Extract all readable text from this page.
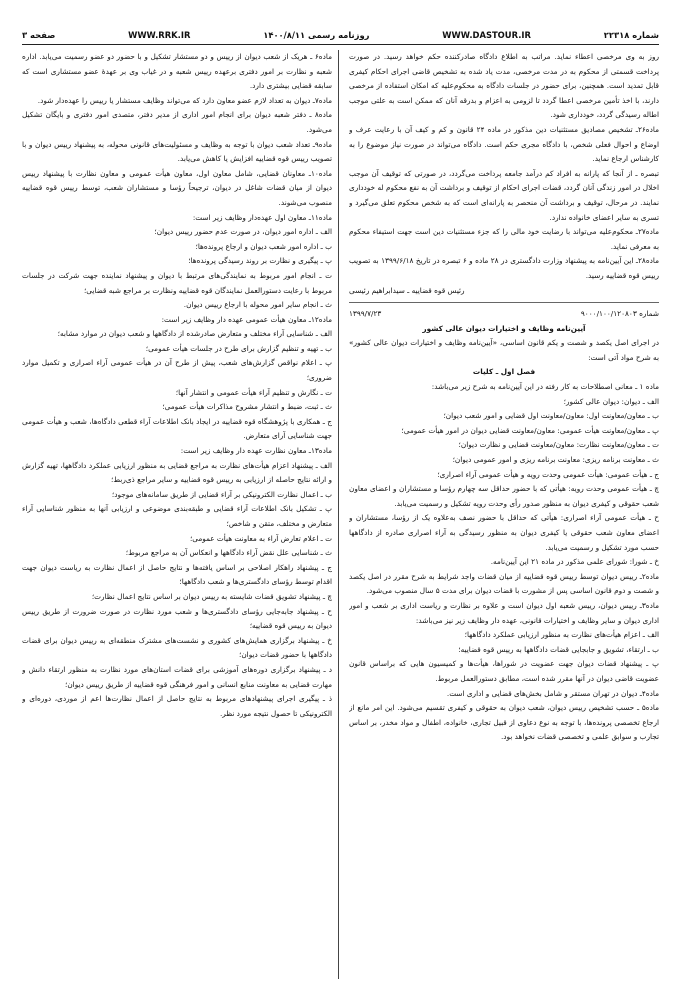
شماره ۲۲۳۱۸
WWW.DASTOUR.IR
روزنامه رسمی ۱۴۰۰/۸/۱۱
WWW.RRK.IR
صفحه ۳

روز به وی مرخصی اعطاء نماید. مراتب به اطلاع دادگاه صادرکننده حکم خواهد رسید. در صورت پرداخت قسمتی از محکوم به در مدت مرخصی، مدت یاد شده به تشخیص قاضی اجرای احکام کیفری قابل تمدید است. همچنین، برای حضور در جلسات دادگاه به محکوم‌علیه که امکان استفاده از مرخصی دارند، با اخذ تأمین مرخصی اعطا گردد تا لزومی به اعزام و بدرقه آنان که ممکن است به علتی موجب اطاله رسیدگی گردد، خودداری شود.

ماده۲۶ـ تشخیص مصادیق مستثنیات دین مذکور در ماده ۲۴ قانون و کم و کیف آن با رعایت عرف و اوضاع و احوال فعلی شخص، با دادگاه مجری حکم است. دادگاه می‌تواند در صورت نیاز موضوع را به کارشناس ارجاع نماید.

تبصره ـ از آنجا که پارانه به افراد کم درآمد جامعه پرداخت می‌گردد، در صورتی که توقیف آن موجب اخلال در امور زندگی آنان گردد، قضات اجرای احکام از توقیف و برداشت آن به نفع محکوم له خودداری نمایند. در مرحال، توقیف و برداشت آن منحصر به پارانه‌ای است که به شخص محکوم تعلق می‌گیرد و تسری به سایر اعضای خانواده ندارد.

ماده۲۷ـ محکوم‌علیه می‌تواند با رضایت خود مالی را که جزء مستثنیات دین است جهت استیفاء محکوم به معرفی نماید.

ماده۲۸ـ این آیین‌نامه به پیشنهاد وزارت دادگستری در ۲۸ ماده و ۶ تبصره در تاریخ ۱۳۹۹/۶/۱۸ به تصویب رییس قوه قضاییه رسید.

رئیس قوه قضاییه ـ سیدابراهیم رئیسی

شماره ۹۰۰۰/۱۰۰/۱۲۰۸۰۳
۱۳۹۹/۷/۲۳

آیین‌نامه وظایف و اختیارات دیوان عالی کشور

در اجرای اصل یکصد و شصت و یکم قانون اساسی، «آیین‌نامه وظایف و اختیارات دیوان عالی کشور» به شرح مواد آتی است:

فصل اول ـ کلیات

ماده ۱ ـ معانی اصطلاحات به کار رفته در این آیین‌نامه به شرح زیر می‌باشد:

الف ـ دیوان: دیوان عالی کشور؛

ب ـ معاون/معاونت اول: معاون/معاونت اول قضایی و امور شعب دیوان؛

پ ـ معاون/معاونت هیأت عمومی: معاون/معاونت قضایی دیوان در امور هیأت عمومی؛

ت ـ معاون/معاونت نظارت: معاون/معاونت قضایی و نظارت دیوان؛

ث ـ معاونت برنامه ریزی: معاونت برنامه ریزی و امور عمومی دیوان؛

ج ـ هیأت عمومی: هیأت عمومی وحدت رویه و هیأت عمومی آراء اصراری؛

چ ـ هیأت عمومی وحدت رویه: هیأتی که با حضور حداقل سه چهارم رؤسا و مستشاران و اعضای معاون شعب حقوقی و کیفری دیوان به منظور صدور رأی وحدت رویه تشکیل و رسمیت می‌یابد.

ح ـ هیأت عمومی آراء اصراری: هیأتی که حداقل با حضور نصف به‌علاوه یک از رؤسا، مستشاران و اعضای معاون شعب حقوقی یا کیفری دیوان به منظور رسیدگی به آراء اصراری صادره از دادگاهها حسب مورد تشکیل و رسمیت می‌یابد.

خ ـ شورا: شورای علمی مذکور در ماده ۲۱ این آیین‌نامه.

ماده۲ـ رییس دیوان توسط رییس قوه قضاییه از میان قضات واجد شرایط به شرح مقرر در اصل یکصد و شصت و دوم قانون اساسی پس از مشورت با قضات دیوان برای مدت ۵ سال منصوب می‌شود.

ماده۳ـ رییس دیوان، رییس شعبه اول دیوان است و علاوه بر نظارت و ریاست اداری بر شعب و امور اداری دیوان و سایر وظایف و اختیارات قانونی، عهده دار وظایف زیر نیز می‌باشد:

الف ـ اعزام هیأت‌های نظارت به منظور ارزیابی عملکرد دادگاهها؛

ب ـ ارتقاء، تشویق و جابجایی قضات دادگاهها به رییس قوه قضاییه؛

پ ـ پیشنهاد قضات دیوان جهت عضویت در شوراها، هیأت‌ها و کمیسیون هایی که براساس قانون عضویت قاضی دیوان در آنها مقرر شده است، مطابق دستورالعمل مربوط.

ماده۴ـ دیوان در تهران مستقر و شامل بخش‌های قضایی و اداری است.

ماده۵ ـ حسب تشخیص رییس دیوان، شعب دیوان به حقوقی و کیفری تقسیم می‌شود. این امر مانع از ارجاع تخصصی پرونده‌ها، با توجه به نوع دعاوی از قبیل تجاری، خانواده، اطفال و مواد مخدر، بر اساس تجارب و سوابق علمی و تخصصی قضات نخواهد بود.

ماده۶ ـ هریک از شعب دیوان از رییس و دو مستشار تشکیل و با حضور دو عضو رسمیت می‌یابد. اداره شعبه و نظارت بر امور دفتری برعهده رییس شعبه و در غیاب وی بر عهدهٔ عضو مستشاری است که سابقه قضایی بیشتری دارد.

ماده۷ـ دیوان به تعداد لازم عضو معاون دارد که می‌تواند وظایف مستشار یا رییس را عهده‌دار شود.

ماده۸ ـ دفتر شعبه دیوان برای انجام امور اداری از مدیر دفتر، متصدی امور دفتری و بایگان تشکیل می‌شود.

ماده۹ـ تعداد شعب دیوان با توجه به وظایف و مسئولیت‌های قانونی محوله، به پیشنهاد رییس دیوان و با تصویب رییس قوه قضاییه افزایش یا کاهش می‌یابد.

ماده۱۰ـ معاونان قضایی، شامل معاون اول، معاون هیأت عمومی و معاون نظارت با پیشنهاد رییس دیوان از میان قضات شاغل در دیوان، ترجیحاً رؤسا و مستشاران شعب، توسط رییس قوه قضاییه منصوب می‌شوند.

ماده۱۱ـ معاون اول عهده‌دار وظایف زیر است:

الف ـ اداره امور دیوان، در صورت عدم حضور رییس دیوان؛

ب ـ اداره امور شعب دیوان و ارجاع پرونده‌ها؛

پ ـ پیگیری و نظارت بر روند رسیدگی پرونده‌ها؛

ت ـ انجام امور مربوط به نمایندگی‌های مرتبط با دیوان و پیشنهاد نماینده جهت شرکت در جلسات مربوط با رعایت دستورالعمل نمایندگان قوه قضاییه ونظارت بر مراجع شبه قضایی؛

ث ـ انجام سایر امور محوله با ارجاع رییس دیوان.

ماده۱۲ـ معاون هیأت عمومی عهده دار وظایف زیر است:

الف ـ شناسایی آراء مختلف و متعارض صادرشده از دادگاهها و شعب دیوان در موارد مشابه؛

ب ـ تهیه و تنظیم گزارش برای طرح در جلسات هیأت عمومی؛

پ ـ اعلام نواقص گزارش‌های شعب، پیش از طرح آن در هیأت عمومی آراء اصراری و تکمیل موارد ضروری؛

ت ـ نگارش و تنظیم آراء هیأت عمومی و انتشار آنها؛

ث ـ ثبت، ضبط و انتشار مشروح مذاکرات هیأت عمومی؛

ج ـ همکاری با پژوهشگاه قوه قضاییه در ایجاد بانک اطلاعات آراء قطعی دادگاه‌ها، شعب و هیأت عمومی جهت شناسایی آرای متعارض.

ماده۱۳ـ معاون نظارت عهده دار وظایف زیر است:

الف ـ پیشنهاد اعزام هیأت‌های نظارت به مراجع قضایی به منظور ارزیابی عملکرد دادگاهها، تهیه گزارش و ارائه نتایج حاصله از ارزیابی به رییس قوه قضاییه و سایر مراجع ذی‌ربط؛

ب ـ اعمال نظارت الکترونیکی بر آراء قضایی از طریق سامانه‌های موجود؛

پ ـ تشکیل بانک اطلاعات آراء قضایی و طبقه‌بندی موضوعی و ارزیابی آنها به منظور شناسایی آراء متعارض و مختلف، متقن و شاخص؛

ت ـ اعلام تعارض آراء به معاونت هیأت عمومی؛

ث ـ شناسایی علل نقض آراء دادگاهها و انعکاس آن به مراجع مربوط؛

ج ـ پیشنهاد راهکار اصلاحی بر اساس یافته‌ها و نتایج حاصل از اعمال نظارت به ریاست دیوان جهت اقدام توسط رؤسای دادگستری‌ها و شعب دادگاهها؛

چ ـ پیشنهاد تشویق قضات شایسته به رییس دیوان بر اساس نتایج اعمال نظارت؛

ح ـ پیشنهاد جابه‌جایی رؤسای دادگستری‌ها و شعب مورد نظارت در صورت ضرورت از طریق رییس دیوان به رییس قوه قضاییه؛

خ ـ پیشنهاد برگزاری همایش‌های کشوری و نشست‌های مشترک منطقه‌ای به رییس دیوان برای قضات دادگاهها با حضور قضات دیوان؛

د ـ پیشنهاد برگزاری دوره‌های آموزشی برای قضات استان‌های مورد نظارت به منظور ارتقاء دانش و مهارت قضایی به معاونت منابع انسانی و امور فرهنگی قوه قضاییه از طریق رییس دیوان؛

ذ ـ پیگیری اجرای پیشنهادهای مربوط به نتایج حاصل از اعمال نظارت‌ها اعم از موردی، دوره‌ای و الکترونیکی تا حصول نتیجه مورد نظر.
